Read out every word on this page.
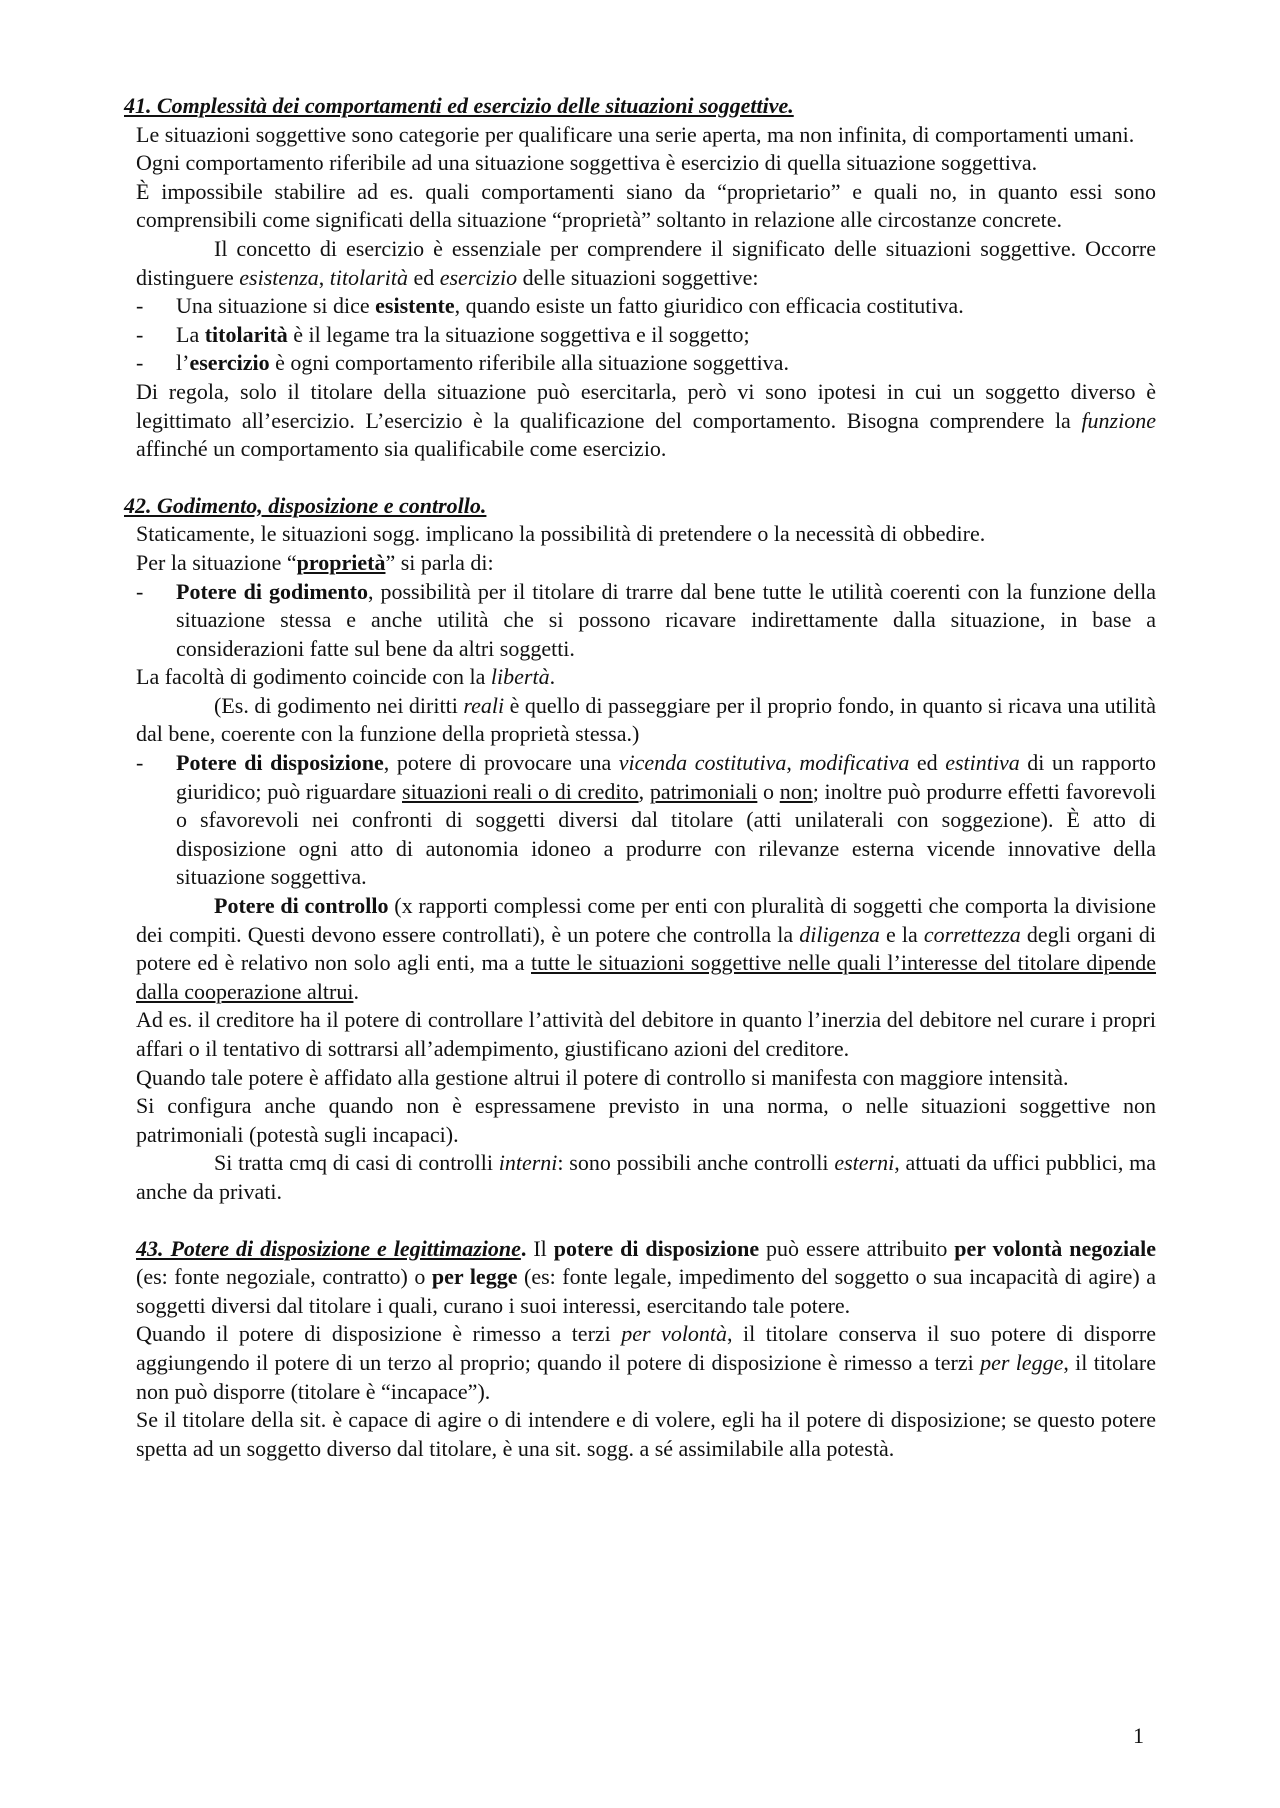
41. Complessità dei comportamenti ed esercizio delle situazioni soggettive.

Le situazioni soggettive sono categorie per qualificare una serie aperta, ma non infinita, di comportamenti umani.

Ogni comportamento riferibile ad una situazione soggettiva è esercizio di quella situazione soggettiva.

È impossibile stabilire ad es. quali comportamenti siano da “proprietario” e quali no, in quanto essi sono comprensibili come significati della situazione “proprietà” soltanto in relazione alle circostanze concrete.

Il concetto di esercizio è essenziale per comprendere il significato delle situazioni soggettive. Occorre distinguere esistenza, titolarità ed esercizio delle situazioni soggettive:

- Una situazione si dice esistente, quando esiste un fatto giuridico con efficacia costitutiva.
- La titolarità è il legame tra la situazione soggettiva e il soggetto;
- l’esercizio è ogni comportamento riferibile alla situazione soggettiva.

Di regola, solo il titolare della situazione può esercitarla, però vi sono ipotesi in cui un soggetto diverso è legittimato all’esercizio. L’esercizio è la qualificazione del comportamento. Bisogna comprendere la funzione affinché un comportamento sia qualificabile come esercizio.

42. Godimento, disposizione e controllo.

Staticamente, le situazioni sogg. implicano la possibilità di pretendere o la necessità di obbedire.

Per la situazione “proprietà” si parla di:

- Potere di godimento, possibilità per il titolare di trarre dal bene tutte le utilità coerenti con la funzione della situazione stessa e anche utilità che si possono ricavare indirettamente dalla situazione, in base a considerazioni fatte sul bene da altri soggetti.

La facoltà di godimento coincide con la libertà.

(Es. di godimento nei diritti reali è quello di passeggiare per il proprio fondo, in quanto si ricava una utilità dal bene, coerente con la funzione della proprietà stessa.)

- Potere di disposizione, potere di provocare una vicenda costitutiva, modificativa ed estintiva di un rapporto giuridico; può riguardare situazioni reali o di credito, patrimoniali o non; inoltre può produrre effetti favorevoli o sfavorevoli nei confronti di soggetti diversi dal titolare (atti unilaterali con soggezione). È atto di disposizione ogni atto di autonomia idoneo a produrre con rilevanze esterna vicende innovative della situazione soggettiva.

Potere di controllo (x rapporti complessi come per enti con pluralità di soggetti che comporta la divisione dei compiti. Questi devono essere controllati), è un potere che controlla la diligenza e la correttezza degli organi di potere ed è relativo non solo agli enti, ma a tutte le situazioni soggettive nelle quali l’interesse del titolare dipende dalla cooperazione altrui.

Ad es. il creditore ha il potere di controllare l’attività del debitore in quanto l’inerzia del debitore nel curare i propri affari o il tentativo di sottrarsi all’adempimento, giustificano azioni del creditore.

Quando tale potere è affidato alla gestione altrui il potere di controllo si manifesta con maggiore intensità.

Si configura anche quando non è espressamene previsto in una norma, o nelle situazioni soggettive non patrimoniali (potestà sugli incapaci).

Si tratta cmq di casi di controlli interni: sono possibili anche controlli esterni, attuati da uffici pubblici, ma anche da privati.

43. Potere di disposizione e legittimazione. Il potere di disposizione può essere attribuito per volontà negoziale (es: fonte negoziale, contratto) o per legge (es: fonte legale, impedimento del soggetto o sua incapacità di agire) a soggetti diversi dal titolare i quali, curano i suoi interessi, esercitando tale potere.

Quando il potere di disposizione è rimesso a terzi per volontà, il titolare conserva il suo potere di disporre aggiungendo il potere di un terzo al proprio; quando il potere di disposizione è rimesso a terzi per legge, il titolare non può disporre (titolare è “incapace”).

Se il titolare della sit. è capace di agire o di intendere e di volere, egli ha il potere di disposizione; se questo potere spetta ad un soggetto diverso dal titolare, è una sit. sogg. a sé assimilabile alla potestà.

1
